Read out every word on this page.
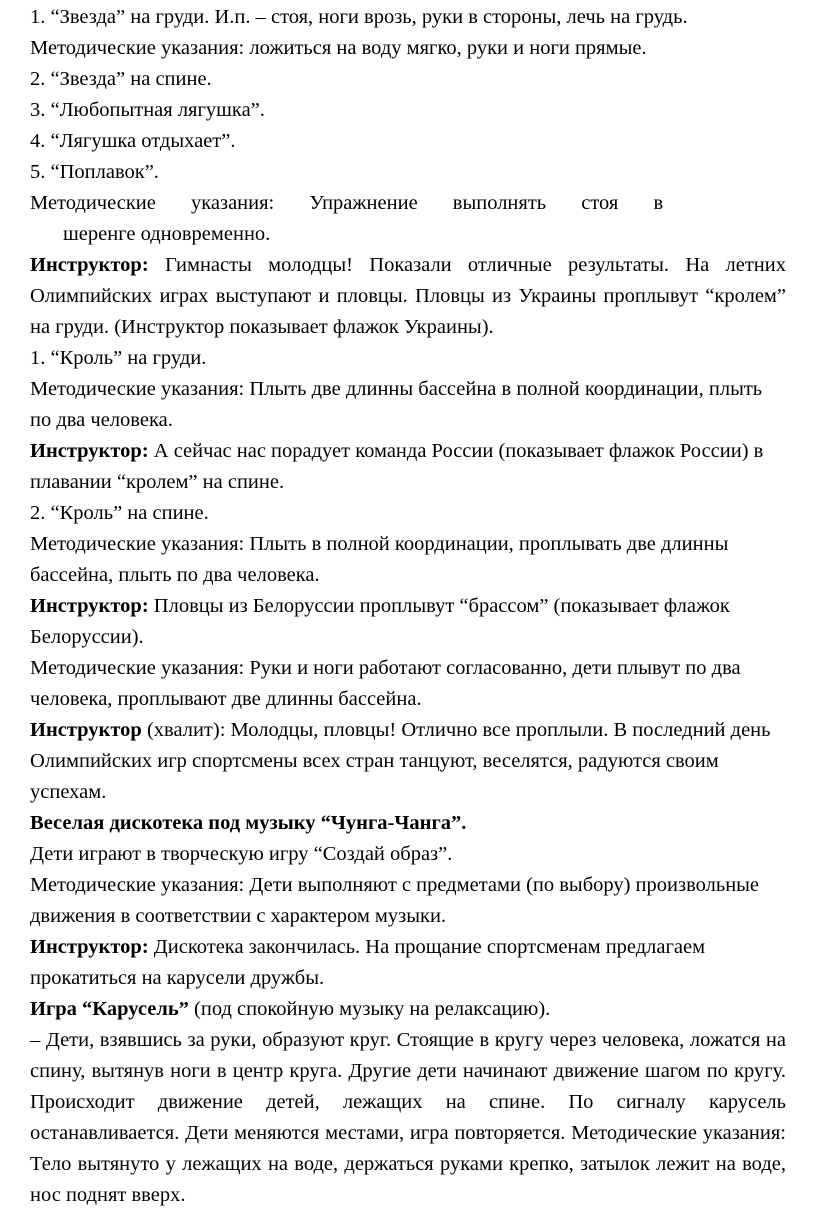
1. “Звезда” на груди. И.п. – стоя, ноги врозь, руки в стороны, лечь на грудь.

Методические указания: ложиться на воду мягко, руки и ноги прямые.

2. “Звезда” на спине.

3. “Любопытная лягушка”.

4. “Лягушка отдыхает”.

5. “Поплавок”.

Методические указания: Упражнение выполнять стоя в

шеренге одновременно.

Инструктор: Гимнасты молодцы! Показали отличные результаты. На летних Олимпийских играх выступают и пловцы. Пловцы из Украины проплывут “кролем” на груди. (Инструктор показывает флажок Украины).

1. “Кроль” на груди.

Методические указания: Плыть две длинны бассейна в полной координации, плыть по два человека.

Инструктор: А сейчас нас порадует команда России (показывает флажок России) в плавании “кролем” на спине.

2. “Кроль” на спине.

Методические указания: Плыть в полной координации, проплывать две длинны бассейна, плыть по два человека.

Инструктор: Пловцы из Белоруссии проплывут “брассом” (показывает флажок Белоруссии).

Методические указания: Руки и ноги работают согласованно, дети плывут по два человека, проплывают две длинны бассейна.

Инструктор (хвалит): Молодцы, пловцы! Отлично все проплыли. В последний день Олимпийских игр спортсмены всех стран танцуют, веселятся, радуются своим успехам.

Веселая дискотека под музыку “Чунга-Чанга”.

Дети играют в творческую игру “Создай образ”.

Методические указания: Дети выполняют с предметами (по выбору) произвольные движения в соответствии с характером музыки.

Инструктор: Дискотека закончилась. На прощание спортсменам предлагаем прокатиться на карусели дружбы.

Игра “Карусель” (под спокойную музыку на релаксацию).

– Дети, взявшись за руки, образуют круг. Стоящие в кругу через человека, ложатся на спину, вытянув ноги в центр круга. Другие дети начинают движение шагом по кругу. Происходит движение детей, лежащих на спине. По сигналу карусель останавливается. Дети меняются местами, игра повторяется. Методические указания: Тело вытянуто у лежащих на воде, держаться руками крепко, затылок лежит на воде, нос поднят вверх.
